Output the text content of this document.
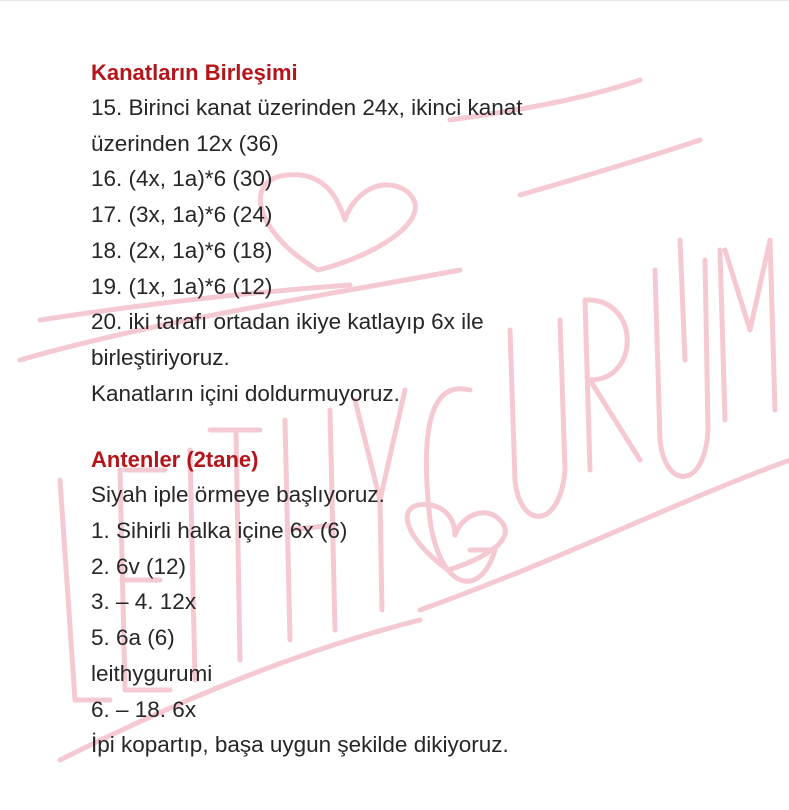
Kanatların Birleşimi

15. Birinci kanat üzerinden 24x, ikinci kanat

üzerinden 12x (36)

16. (4x, 1a)*6 (30)

17. (3x, 1a)*6 (24)

18. (2x, 1a)*6 (18)

19. (1x, 1a)*6 (12)

20. iki tarafı ortadan ikiye katlayıp 6x ile

birleştiriyoruz.

Kanatların içini doldurmuyoruz.

Antenler (2tane)

Siyah iple örmeye başlıyoruz.

1. Sihirli halka içine 6x (6)

2. 6v (12)

3. – 4. 12x

5. 6a (6)

leithygurumi

6. – 18. 6x

İpi kopartıp, başa uygun şekilde dikiyoruz.
